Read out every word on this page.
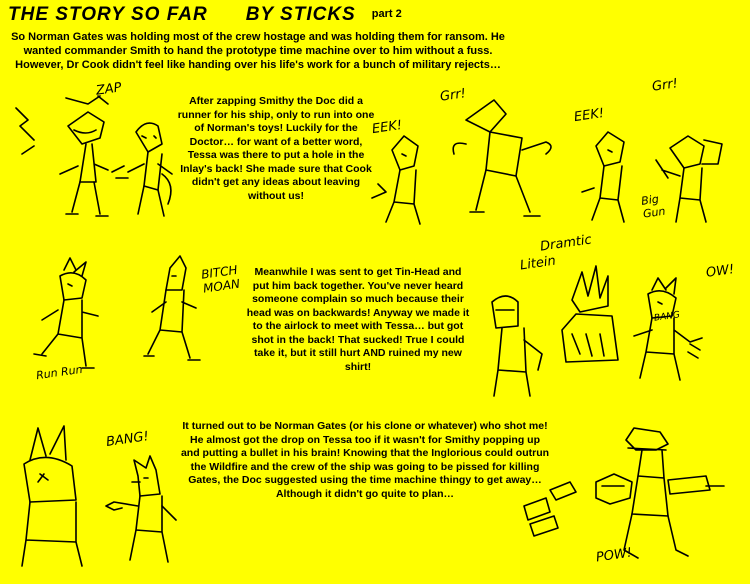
THE STORY SO FAR BY STICKS part 2
So Norman Gates was holding most of the crew hostage and was holding them for ransom. He wanted commander Smith to hand the prototype time machine over to him without a fuss. However, Dr Cook didn't feel like handing over his life's work for a bunch of military rejects…
After zapping Smithy the Doc did a runner for his ship, only to run into one of Norman's toys! Luckily for the Doctor… for want of a better word, Tessa was there to put a hole in the Inlay's back! She made sure that Cook didn't get any ideas about leaving without us!
Meanwhile I was sent to get Tin-Head and put him back together. You've never heard someone complain so much because their head was on backwards! Anyway we made it to the airlock to meet with Tessa… but got shot in the back! That sucked! True I could take it, but it still hurt AND ruined my new shirt!
It turned out to be Norman Gates (or his clone or whatever) who shot me! He almost got the drop on Tessa too if it wasn't for Smithy popping up and putting a bullet in his brain! Knowing that the Inglorious could outrun the Wildfire and the crew of the ship was going to be pissed for killing Gates, the Doc suggested using the time machine thingy to get away… Although it didn't go quite to plan…
ZAP
EEK!
Grr!
EEK!
Grr!
Big Gun
BITCH MOAN
Run Run
Dramtic
Litein	OW!
BANG
BANG!
POW!
